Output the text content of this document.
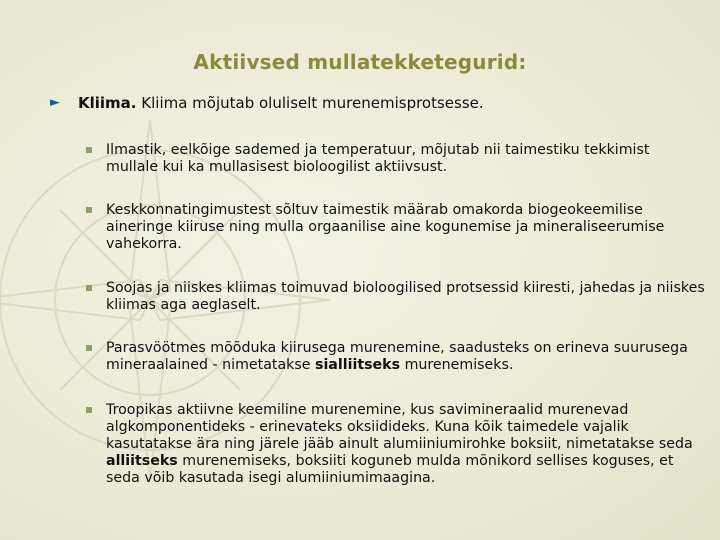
Aktiivsed mullatekketegurid:
► Kliima. Kliima mõjutab oluliselt murenemisprotsesse.
Ilmastik, eelkõige sademed ja temperatuur, mõjutab nii taimestiku tekkimist mullale kui ka mullasisest bioloogilist aktiivsust.
Keskkonnatingimustest sõltuv taimestik määrab omakorda biogeokeemilise aineringe kiiruse ning mulla orgaanilise aine kogunemise ja mineraliseerumise vahekorra.
Soojas ja niiskes kliimas toimuvad bioloogilised protsessid kiiresti, jahedas ja niiskes kliimas aga aeglaselt.
Parasvöötmes mõõduka kiirusega murenemine, saadusteks on erineva suurusega mineraalained - nimetatakse sialliitseks murenemiseks.
Troopikas aktiivne keemiline murenemine, kus savimineraalid murenevad algkomponentideks - erinevateks oksiidideks. Kuna kõik taimedele vajalik kasutatakse ära ning järele jääb ainult alumiiniumirohke boksiit, nimetatakse seda alliitseks murenemiseks, boksiiti koguneb mulda mõnikord sellises koguses, et seda võib kasutada isegi alumiiniumimaagina.
